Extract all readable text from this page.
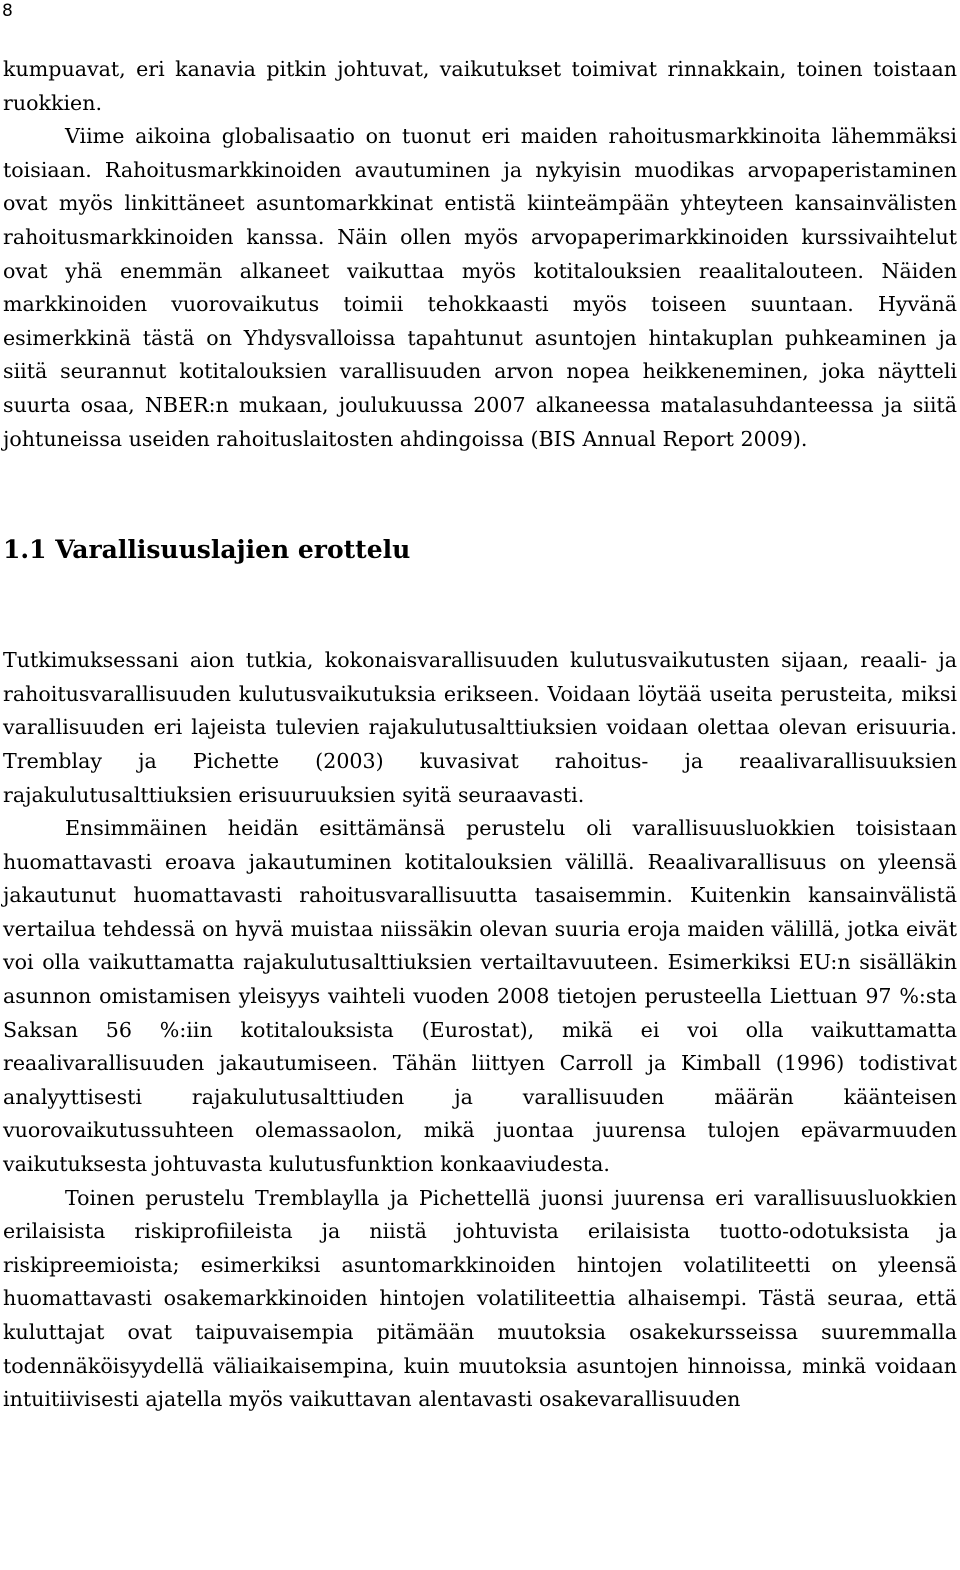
8

kumpuavat, eri kanavia pitkin johtuvat, vaikutukset toimivat rinnakkain, toinen toistaan ruokkien.

Viime aikoina globalisaatio on tuonut eri maiden rahoitusmarkkinoita lähemmäksi toisiaan. Rahoitusmarkkinoiden avautuminen ja nykyisin muodikas arvopaperistaminen ovat myös linkittäneet asuntomarkkinat entistä kiinteämpään yhteyteen kansainvälisten rahoitusmarkkinoiden kanssa. Näin ollen myös arvopaperimarkkinoiden kurssivaihtelut ovat yhä enemmän alkaneet vaikuttaa myös kotitalouksien reaalitalouteen. Näiden markkinoiden vuorovaikutus toimii tehokkaasti myös toiseen suuntaan. Hyvänä esimerkkinä tästä on Yhdysvalloissa tapahtunut asuntojen hintakuplan puhkeaminen ja siitä seurannut kotitalouksien varallisuuden arvon nopea heikkeneminen, joka näytteli suurta osaa, NBER:n mukaan, joulukuussa 2007 alkaneessa matalasuhdanteessa ja siitä johtuneissa useiden rahoituslaitosten ahdingoissa (BIS Annual Report 2009).

1.1 Varallisuuslajien erottelu

Tutkimuksessani aion tutkia, kokonaisvarallisuuden kulutusvaikutusten sijaan, reaali- ja rahoitusvarallisuuden kulutusvaikutuksia erikseen. Voidaan löytää useita perusteita, miksi varallisuuden eri lajeista tulevien rajakulutusalttiuksien voidaan olettaa olevan erisuuria. Tremblay ja Pichette (2003) kuvasivat rahoitus- ja reaalivarallisuuksien rajakulutusalttiuksien erisuuruuksien syitä seuraavasti.

Ensimmäinen heidän esittämänsä perustelu oli varallisuusluokkien toisistaan huomattavasti eroava jakautuminen kotitalouksien välillä. Reaalivarallisuus on yleensä jakautunut huomattavasti rahoitusvarallisuutta tasaisemmin. Kuitenkin kansainvälistä vertailua tehdessä on hyvä muistaa niissäkin olevan suuria eroja maiden välillä, jotka eivät voi olla vaikuttamatta rajakulutusalttiuksien vertailtavuuteen. Esimerkiksi EU:n sisälläkin asunnon omistamisen yleisyys vaihteli vuoden 2008 tietojen perusteella Liettuan 97 %:sta Saksan 56 %:iin kotitalouksista (Eurostat), mikä ei voi olla vaikuttamatta reaalivarallisuuden jakautumiseen. Tähän liittyen Carroll ja Kimball (1996) todistivat analyyttisesti rajakulutusalttiuden ja varallisuuden määrän käänteisen vuorovaikutussuhteen olemassaolon, mikä juontaa juurensa tulojen epävarmuuden vaikutuksesta johtuvasta kulutusfunktion konkaaviudesta.

Toinen perustelu Tremblaylla ja Pichettellä juonsi juurensa eri varallisuusluokkien erilaisista riskiprofiileista ja niistä johtuvista erilaisista tuotto-odotuksista ja riskipreemioista; esimerkiksi asuntomarkkinoiden hintojen volatiliteetti on yleensä huomattavasti osakemarkkinoiden hintojen volatiliteettia alhaisempi. Tästä seuraa, että kuluttajat ovat taipuvaisempia pitämään muutoksia osakekursseissa suuremmalla todennäköisyydellä väliaikaisempina, kuin muutoksia asuntojen hinnoissa, minkä voidaan intuitiivisesti ajatella myös vaikuttavan alentavasti osakevarallisuuden
